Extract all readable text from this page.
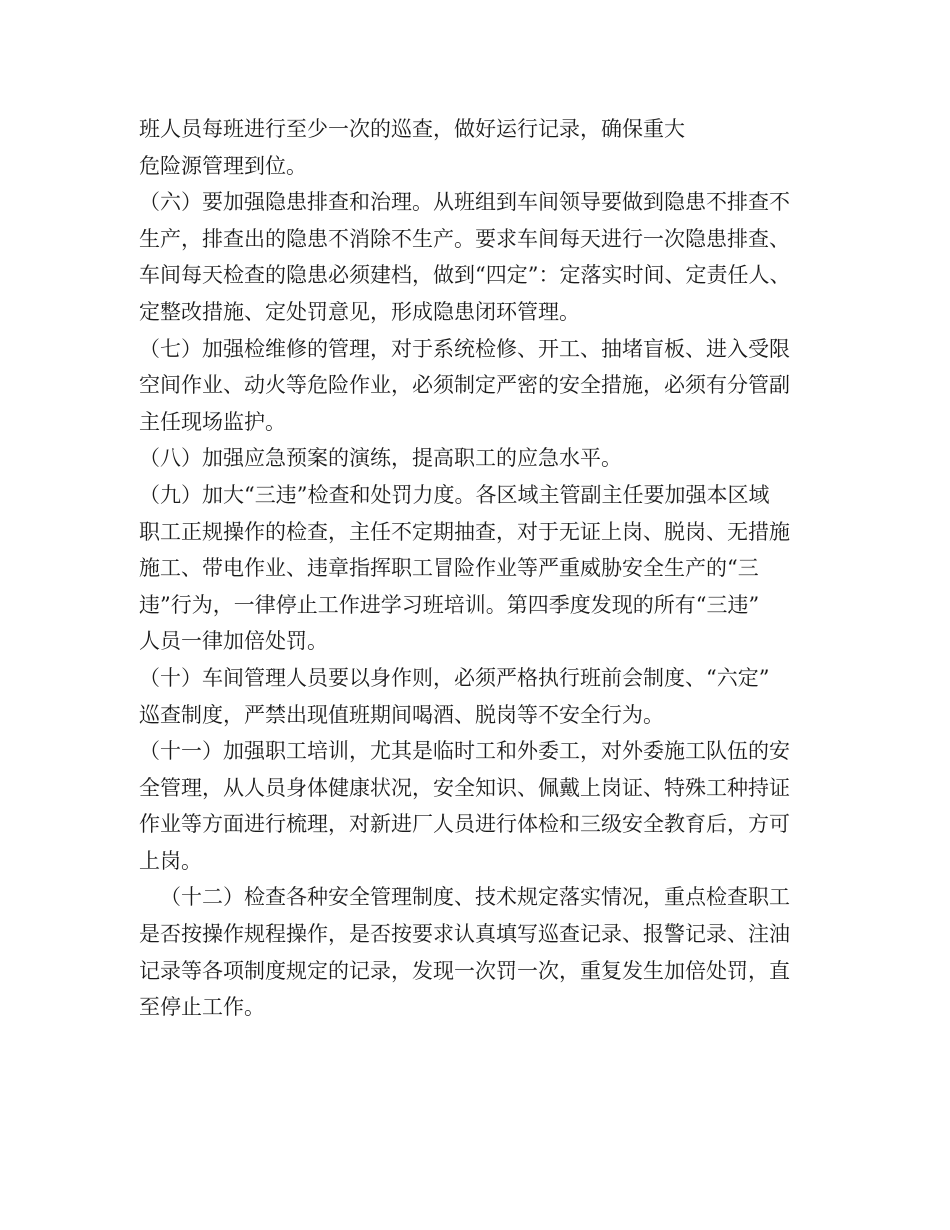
班人员每班进行至少一次的巡查，做好运行记录，确保重大
危险源管理到位。

（六）要加强隐患排查和治理。从班组到车间领导要做到隐患不排查不
生产，排查出的隐患不消除不生产。要求车间每天进行一次隐患排查、
车间每天检查的隐患必须建档，做到“四定”：定落实时间、定责任人、
定整改措施、定处罚意见，形成隐患闭环管理。

（七）加强检维修的管理，对于系统检修、开工、抽堵盲板、进入受限
空间作业、动火等危险作业，必须制定严密的安全措施，必须有分管副
主任现场监护。

（八）加强应急预案的演练，提高职工的应急水平。

（九）加大“三违”检查和处罚力度。各区域主管副主任要加强本区域
职工正规操作的检查，主任不定期抽查，对于无证上岗、脱岗、无措施
施工、带电作业、违章指挥职工冒险作业等严重威胁安全生产的“三
违”行为，一律停止工作进学习班培训。第四季度发现的所有“三违”
人员一律加倍处罚。

（十）车间管理人员要以身作则，必须严格执行班前会制度、“六定”
巡查制度，严禁出现值班期间喝酒、脱岗等不安全行为。

（十一）加强职工培训，尤其是临时工和外委工，对外委施工队伍的安
全管理，从人员身体健康状况，安全知识、佩戴上岗证、特殊工种持证
作业等方面进行梳理，对新进厂人员进行体检和三级安全教育后，方可
上岗。

（十二）检查各种安全管理制度、技术规定落实情况，重点检查职工
是否按操作规程操作，是否按要求认真填写巡查记录、报警记录、注油
记录等各项制度规定的记录，发现一次罚一次，重复发生加倍处罚，直
至停止工作。
